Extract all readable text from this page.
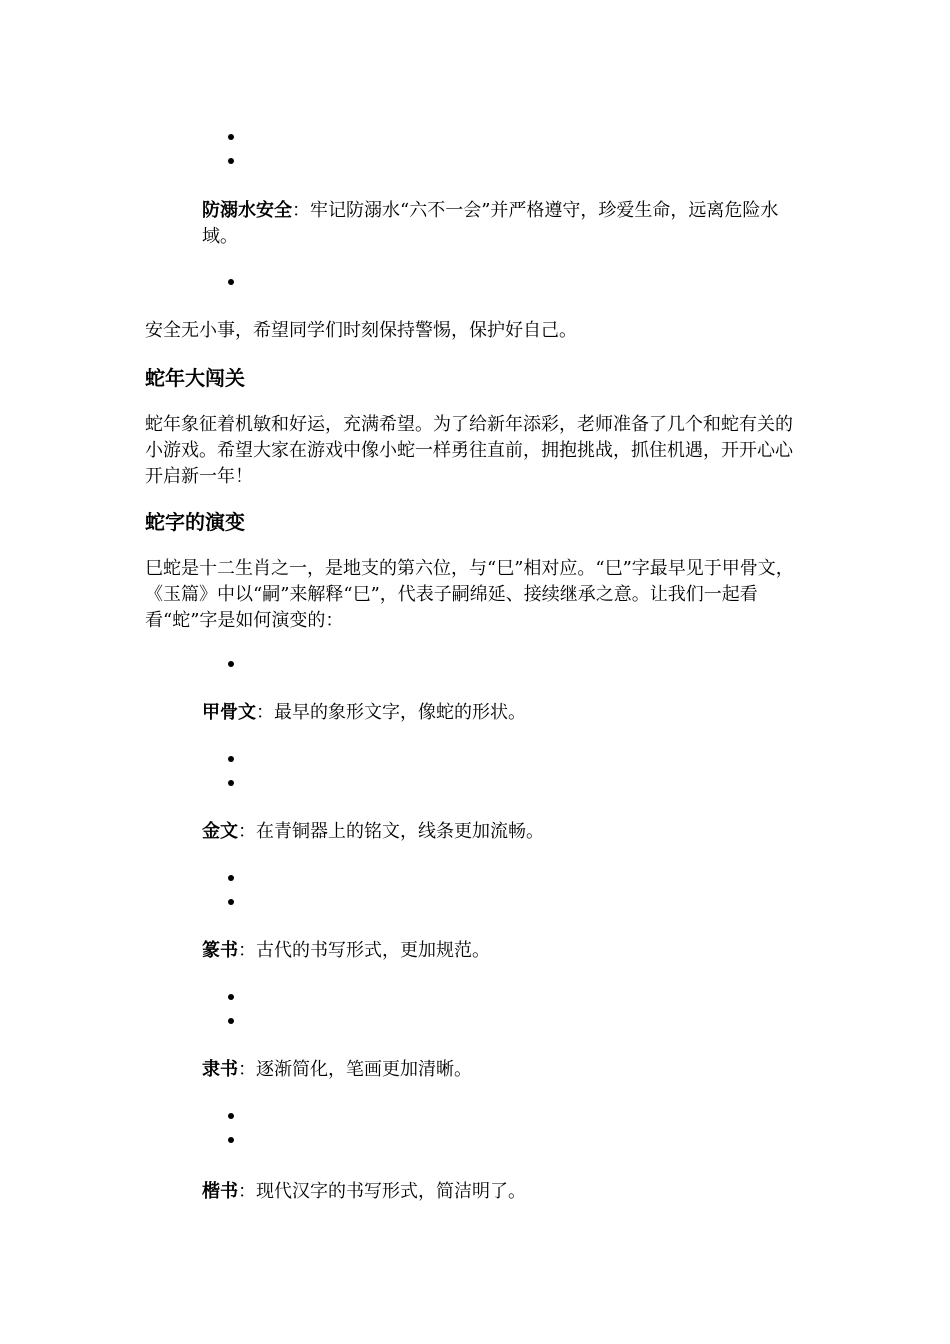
防溺水安全：牢记防溺水“六不一会”并严格遵守，珍爱生命，远离危险水域。
安全无小事，希望同学们时刻保持警惕，保护好自己。
蛇年大闯关
蛇年象征着机敏和好运，充满希望。为了给新年添彩，老师准备了几个和蛇有关的小游戏。希望大家在游戏中像小蛇一样勇往直前，拥抱挑战，抓住机遇，开开心心开启新一年！
蛇字的演变
巳蛇是十二生肖之一，是地支的第六位，与“巳”相对应。“巳”字最早见于甲骨文，《玉篇》中以“嗣”来解释“巳”，代表子嗣绵延、接续继承之意。让我们一起看看“蛇”字是如何演变的：
甲骨文：最早的象形文字，像蛇的形状。
金文：在青铜器上的铭文，线条更加流畅。
篆书：古代的书写形式，更加规范。
隶书：逐渐简化，笔画更加清晰。
楷书：现代汉字的书写形式，简洁明了。
